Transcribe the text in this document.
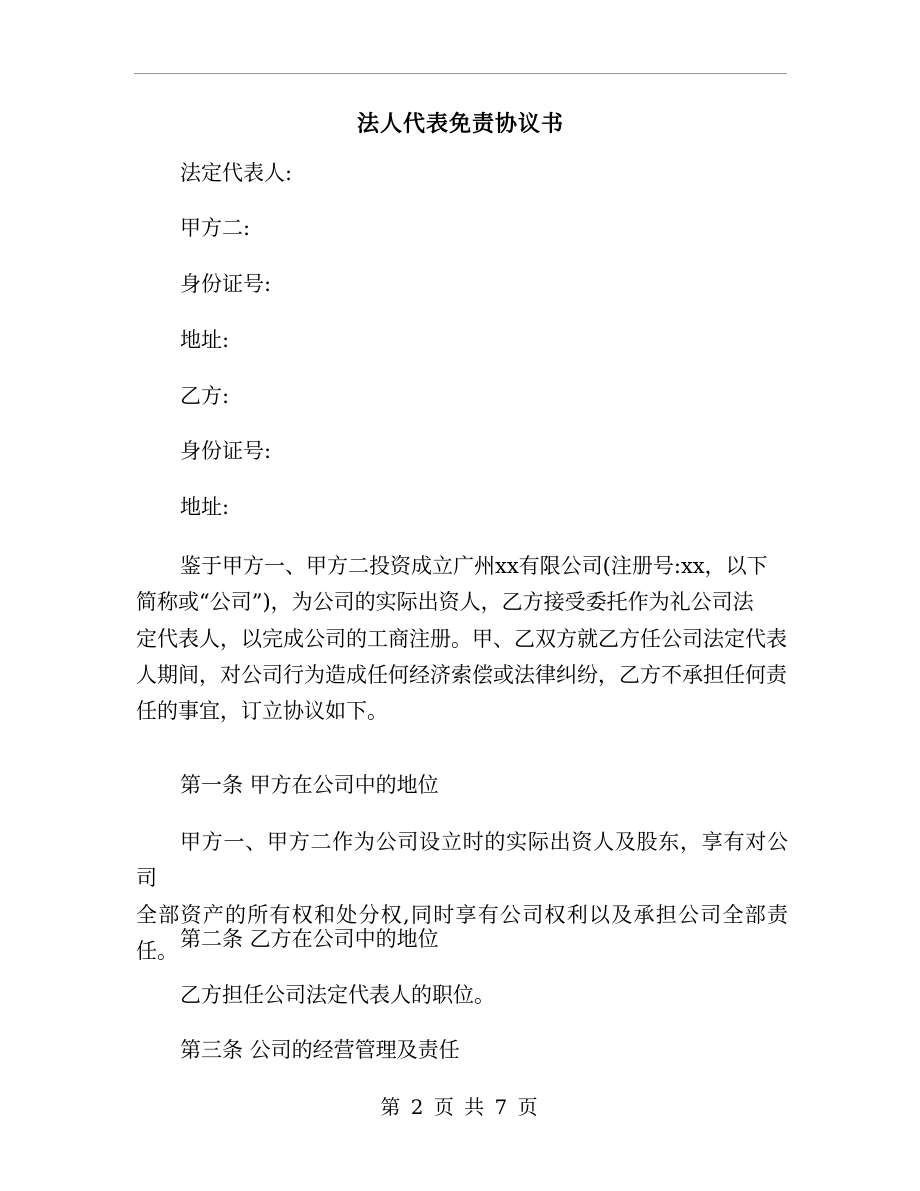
法人代表免责协议书
法定代表人:
甲方二:
身份证号:
地址:
乙方:
身份证号:
地址:
鉴于甲方一、甲方二投资成立广州xx有限公司(注册号:xx，以下
简称或“公司”)，为公司的实际出资人，乙方接受委托作为礼公司法
定代表人，以完成公司的工商注册。甲、乙双方就乙方任公司法定代表
人期间，对公司行为造成任何经济索偿或法律纠纷，乙方不承担任何责
任的事宜，订立协议如下。
第一条 甲方在公司中的地位
甲方一、甲方二作为公司设立时的实际出资人及股东，享有对公司
全部资产的所有权和处分权,同时享有公司权利以及承担公司全部责任。 第二条 乙方在公司中的地位
乙方担任公司法定代表人的职位。
第三条 公司的经营管理及责任
第 2 页 共 7 页
